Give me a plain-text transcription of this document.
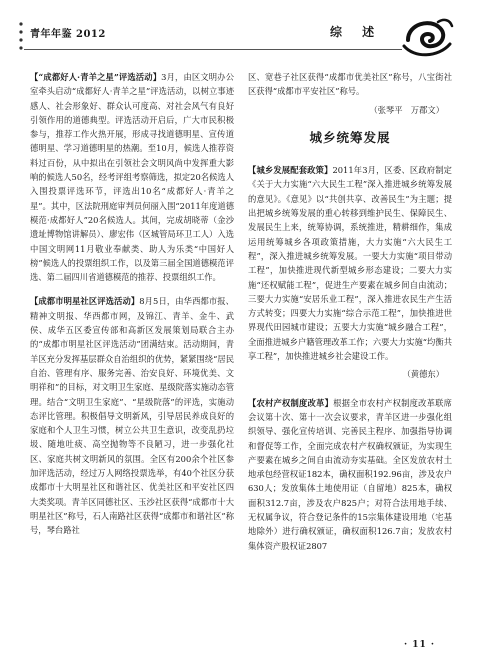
青年年鉴 2012	综 述

【“成都好人·青羊之星”评选活动】3月，由区文明办公室牵头启动“成都好人·青羊之星”评选活动，以树立事迹感人、社会形象好、群众认可度高、对社会风气有良好引领作用的道德典型。评选活动开启后，广大市民积极参与，推荐工作火热开展，形成寻找道德明星、宣传道德明星、学习道德明星的热潮。至10月，候选人推荐资料过百份，从中拟出在引领社会文明风尚中发挥重大影响的候选人50名，经考评组考察筛选，拟定20名候选人入围投票评选环节，评选出10名“成都好人·青羊之星”。其中，区法院刑庭审判员何丽入围“2011年度道德模范·成都好人”20名候选人。其间，完成胡晓蒂（金沙遗址博物馆讲解员）、廖宏伟（区城管局环卫工人）入选中国文明网11月敬业奉献类、助人为乐类“中国好人榜”候选人的投票组织工作，以及第三届全国道德模范评选、第二届四川省道德模范的推荐、投票组织工作。

【成都市明星社区评选活动】8月5日，由华西都市报、精神文明报、华西都市网，及锦江、青羊、金牛、武侯、成华五区委宣传部和高新区发展策划局联合主办的“成都市明星社区评选活动”团满结束。活动期间，青羊区充分发挥基层群众自治组织的优势，紧紧围绕“居民自治、管理有序、服务完善、治安良好、环境优美、文明祥和”的目标，对文明卫生家庭、星级院落实施动态管理。结合“文明卫生家庭”、“星级院落”的评选，实施动态评比管理。积极倡导文明新风，引导居民养成良好的家庭和个人卫生习惯，树立公共卫生意识，改变乱扔垃圾、随地吐痰、高空抛物等不良陋习，进一步强化社区、家庭共树文明新风的氛围。全区有200余个社区参加评选活动，经过万人网络投票选举，有40个社区分获成都市十大明星社区和谐社区、优美社区和平安社区四大类奖项。青羊区同德社区、玉沙社区获得“成都市十大明星社区”称号，石人南路社区获得“成都市和谐社区”称号，琴台路社

区、宽巷子社区获得“成都市优美社区”称号，八宝街社区获得“成都市平安社区”称号。

（张琴平　万郡文）
城乡统筹发展

【城乡发展配套政策】2011年3月，区委、区政府制定《关于大力实施“六大民生工程”深入推进城乡统筹发展的意见》。《意见》以“共创共享、改善民生”为主题；提出把城乡统筹发展的重心转移到维护民生、保障民生、发展民生上来，统筹协调，系统推进，精耕细作，集成运用统筹城乡各项政策措施，大力实施“六大民生工程”，深入推进城乡统筹发展。一要大力实施“项目带动工程”，加快推进现代新型城乡形态建设；二要大力实施“还权赋能工程”，促进生产要素在城乡间自由流动；三要大力实施“安居乐业工程”，深入推进农民生产生活方式转变；四要大力实施“综合示范工程”，加快推进世界现代田园城市建设；五要大力实施“城乡融合工程”，全面推进城乡户籍管理改革工作；六要大力实施“均衡共享工程”，加快推进城乡社会建设工作。

（黄德东）

【农村产权制度改革】根据全市农村产权制度改革联席会议第十次、第十一次会议要求，青羊区进一步强化组织领导、强化宣传培训、完善民主程序、加强指导协调和督促等工作，全面完成农村产权确权颁证，为实现生产要素在城乡之间自由流动夯实基础。全区发放农村土地承包经营权证182本，确权面积192.96亩，涉及农户630人；发放集体土地使用证（自留地）825本，确权面积312.7亩，涉及农户825户；对符合法用地手续、无权属争议，符合登记条件的15宗集体建设用地（宅基地除外）进行确权颁证，确权面积126.7亩；发放农村集体资产股权证2807

· 11 ·
